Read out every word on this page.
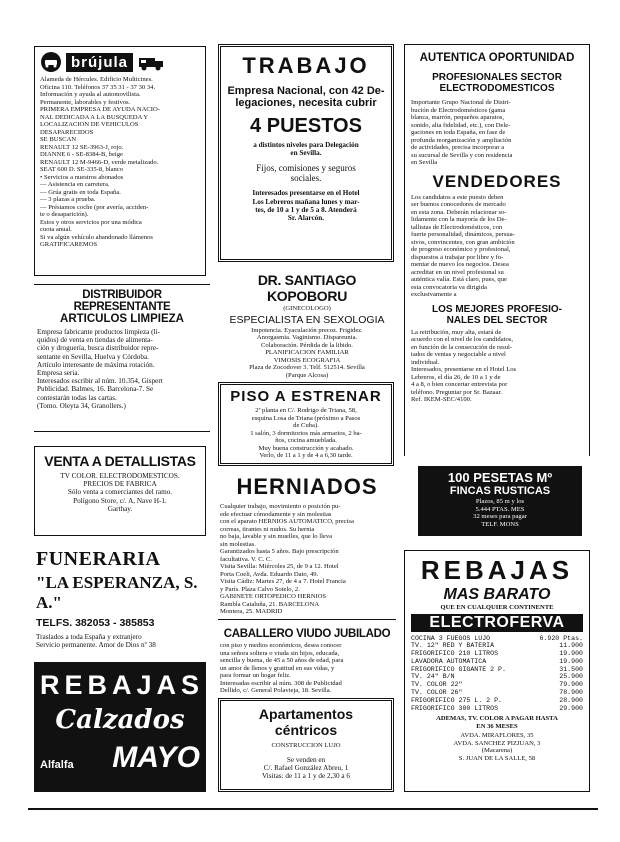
brújula
Alameda de Hércules. Edificio Multicines.
Oficina 110. Teléfonos 37 35 31 - 37 30 34.
Información y ayuda al automovilista.
Permanente, laborables y festivos.
PRIMERA EMPRESA DE AYUDA NACIO-
NAL DEDICADA A LA BUSQUEDA Y
LOCALIZACION DE VEHICULOS
DESAPARECIDOS
SE BUSCAN
RENAULT 12 SE-3963-J, rojo.
DIANNE 6 - SE-8384-B, beige
RENAULT 12 M-9466-D, verde metalizado.
SEAT 600 D. SE-335-8, blanco
• Servicios a nuestros abonados
— Asistencia en carretera.
— Grúa gratis en toda España.
— 3 plazas a prueba.
— Préstamos coche (por avería, acciden-
te o desaparición).
Estos y otros servicios por una módica
cuota anual.
Si va algún vehículo abandonado llámenos
GRATIFICAREMOS
DISTRIBUIDOR REPRESENTANTE
ARTICULOS LIMPIEZA
Empresa fabricante productos limpieza (lí-
quidos) de venta en tiendas de alimenta-
ción y droguería, busca distribuidor repre-
sentante en Sevilla, Huelva y Córdoba.
Artículo interesante de máxima rotación.
Empresa seria.
Interesados escribir al núm. 10.354, Gispert
Publicidad. Balmes, 16. Barcelona-7. Se
contestarán todas las cartas.
(Tomo. Oleyta 34, Granollers.)
VENTA A DETALLISTAS
TV COLOR. ELECTRODOMESTICOS.
PRECIOS DE FABRICA
Sólo venta a comerciantes del ramo.
Polígono Store, c/. A, Nave H-1.
Garthay.
FUNERARIA
"LA ESPERANZA, S. A."
TELFS. 382053 - 385853
Traslados a toda España y extranjero
Servicio permanente. Amor de Dios nº 38
REBAJAS
Calzados
Alfalfa MAYO
TRABAJO
Empresa Nacional, con 42 De-
legaciones, necesita cubrir
4 PUESTOS
a distintos niveles para Delegación
en Sevilla.
Fijos, comisiones y seguros
sociales.
Interesados presentarse en el Hotel
Los Lebreros mañana lunes y mar-
tes, de 10 a 1 y de 5 a 8. Atenderá
Sr. Alarcón.
DR. SANTIAGO KOPOBORU
(GINECOLOGO)
ESPECIALISTA EN SEXOLOGIA
Impotencia. Eyaculación precoz. Frigidez.
Anorgasmia. Vaginismo. Dispareunia.
Colaboración. Pérdida de la libido.
PLANIFICACION FAMILIAR
VIMOSIS ECOGRAFIA
Plaza de Zocodover 3. Telf. 512514. Sevilla
(Parque Alcosa)
PISO A ESTRENAR
2ª planta en C/. Rodrigo de Triana, 58,
esquina Losa de Triana (próximo a Pasos
de Cuba).
1 salón, 3 dormitorios más armarios, 2 ba-
ños, cocina amueblada.
Muy buena construcción y acabado.
Verlo, de 11 a 1 y de 4 a 6,30 tarde.
HERNIADOS
Cualquier trabajo, movimiento o posición pu-
ede efectuar cómodamente y sin molestias
con el aparato HERNIOS AUTOMATICO, precisa
correas, tirantes ni nudos. Su hernia
no baja, lavable y sin muelles, que lo lleva
sin molestias.
Garantizados hasta 5 años. Bajo prescripción
facultativa. V. C. C.
Visita Sevilla: Miércoles 25, de 9 a 12. Hotel
Porta Coeli, Avda. Eduardo Dato, 49.
Visita Cádiz: Martes 27, de 4 a 7. Hotel Francia
y París. Plaza Calvo Sotelo, 2.
GABINETE ORTOPEDICO HERNIOS
Rambla Cataluña, 21. BARCELONA
Montera, 25. MADRID
CABALLERO VIUDO JUBILADO
con piso y medios económicos, desea conocer
una señora soltera o viuda sin hijos, educada,
sencilla y buena, de 45 a 50 años de edad, para
un amor de llenos y gratitud en sus vidas, y
para formar un hogar feliz.
Interesadas escribir al núm. 308 de Publicidad
Dellido, c/. General Polavieja, 18. Sevilla.
Apartamentos céntricos
CONSTRUCCION LUJO
Se venden en
C/. Rafael González Abreu, 1
Visitas: de 11 a 1 y de 2,30 a 6
AUTENTICA OPORTUNIDAD
PROFESIONALES SECTOR
ELECTRODOMESTICOS
Importante Grupo Nacional de Distri-
bución de Electrodomésticos (gama
blanca, marrón, pequeños aparatos,
sonido, alta fidelidad, etc.), con Dele-
gaciones en toda España, en fase de
profunda reorganización y ampliación
de actividades, precisa incorporar a
su sucursal de Sevilla y con residencia
en Sevilla
VENDEDORES
Los candidatos a este puesto deben
ser buenos conocedores de mercado
en esta zona. Deberán relacionar so-
lidamente con la mayoría de los De-
tallistas de Electrodomésticos, con
fuerte personalidad, dinámicos, persua-
sivos, convincentes, con gran ambición
de progreso económico y profesional,
dispuestos a trabajar por libre y fo-
mentar de nuevo los negocios. Desea
acreditar en un nivel profesional su
auténtica valía. Está claro, pues, que
esta convocatoria va dirigida
exclusivamente a
LOS MEJORES PROFESIO-
NALES DEL SECTOR
La retribución, muy alta, estará de
acuerdo con el nivel de los candidatos,
en función de la consecución de resul-
tados de ventas y negociable a nivel
individual.
Interesados, presentarse en el Hotel Los
Lebreros, el día 26, de 10 a 1 y de
4 a 8, o bien concertar entrevista por
teléfono. Preguntar por Sr. Bazaar.
Ref. IKEM-SEC/4100.
100 PESETAS Mº
FINCAS RUSTICAS
Plazos, 85 m y los
5.444 PTAS. MES
32 meses para pagar
TELF. MONS
REBAJAS
MAS BARATO
QUE EN CUALQUIER CONTINENTE
ELECTROFERVA
COCINA 3 FUEGOS LUJO	6.920 Ptas.
TV. 12" RED Y BATERIA	11.900
FRIGORIFICO 210 LITROS	19.900
LAVADORA AUTOMATICA	19.900
FRIGORIFICO GIGANTE 2 P.	31.500
TV. 24" B/N	25.900
TV. COLOR 22"	79.900
TV. COLOR 26"	78.900
FRIGORIFICO 275 L. 2 P.	28.900
FRIGORIFICO 300 LITROS	29.900
ADEMAS, TV. COLOR A PAGAR HASTA
EN 36 MESES
AVDA. MIRAFLORES, 35
AVDA. SANCHEZ PIZJUAN, 3
(Macarena)
S. JUAN DE LA SALLE, 58
